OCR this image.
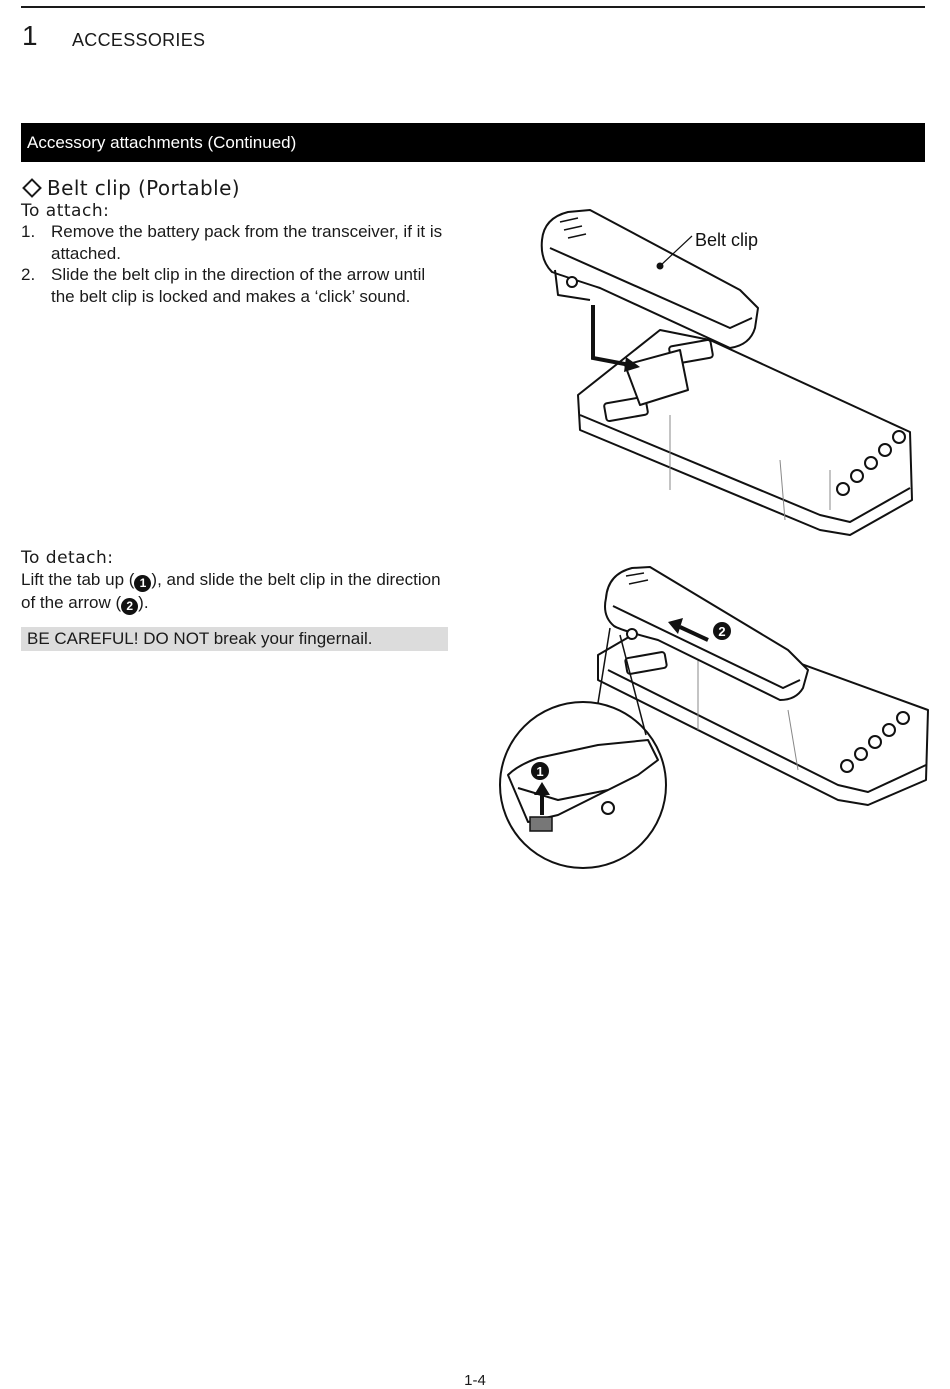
1 ACCESSORIES
Accessory attachments (Continued)
Belt clip (Portable)
To attach:
1. Remove the battery pack from the transceiver, if it is attached.
2. Slide the belt clip in the direction of the arrow until the belt clip is locked and makes a ‘click’ sound.
To detach:
Lift the tab up ( 1 ), and slide the belt clip in the direction of the arrow ( 2 ).
BE CAREFUL! DO NOT break your fingernail.
Belt clip
1
2
1-4
